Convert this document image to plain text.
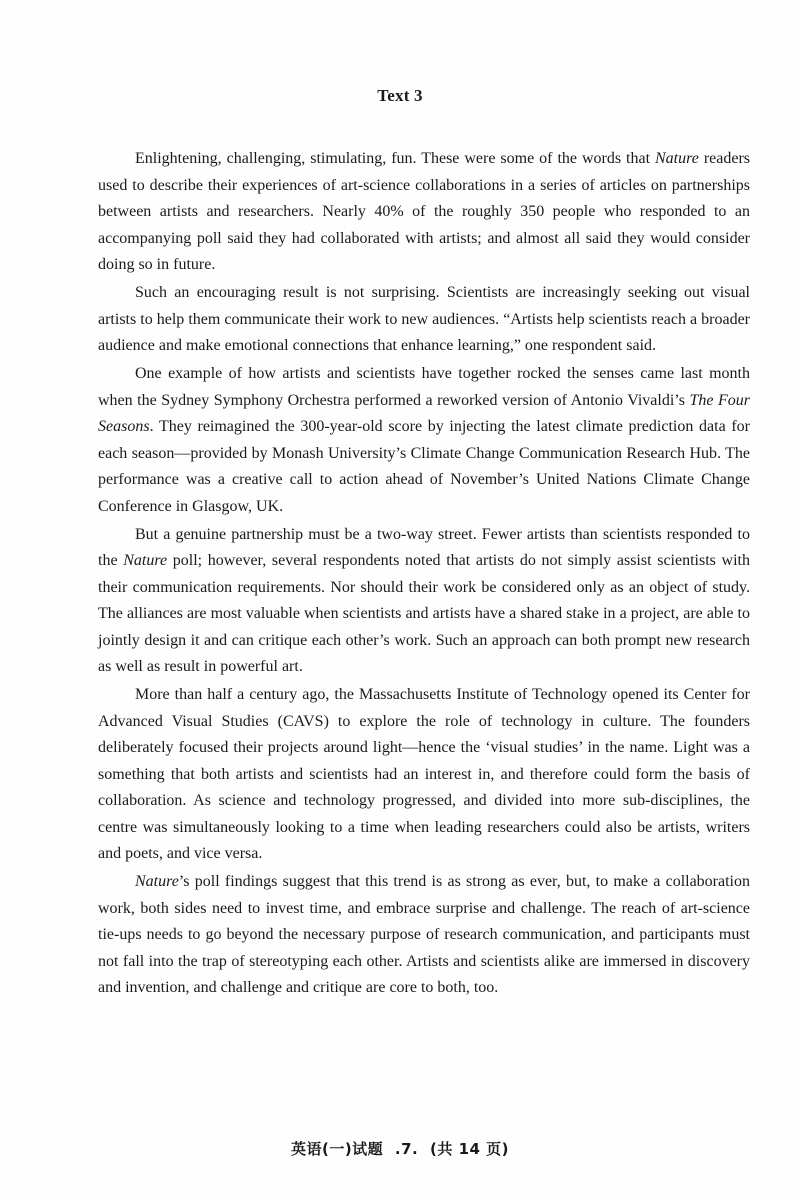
Text 3

Enlightening, challenging, stimulating, fun. These were some of the words that Nature readers used to describe their experiences of art-science collaborations in a series of articles on partnerships between artists and researchers. Nearly 40% of the roughly 350 people who responded to an accompanying poll said they had collaborated with artists; and almost all said they would consider doing so in future.

Such an encouraging result is not surprising. Scientists are increasingly seeking out visual artists to help them communicate their work to new audiences. “Artists help scientists reach a broader audience and make emotional connections that enhance learning,” one respondent said.

One example of how artists and scientists have together rocked the senses came last month when the Sydney Symphony Orchestra performed a reworked version of Antonio Vivaldi’s The Four Seasons. They reimagined the 300-year-old score by injecting the latest climate prediction data for each season—provided by Monash University’s Climate Change Communication Research Hub. The performance was a creative call to action ahead of November’s United Nations Climate Change Conference in Glasgow, UK.

But a genuine partnership must be a two-way street. Fewer artists than scientists responded to the Nature poll; however, several respondents noted that artists do not simply assist scientists with their communication requirements. Nor should their work be considered only as an object of study. The alliances are most valuable when scientists and artists have a shared stake in a project, are able to jointly design it and can critique each other’s work. Such an approach can both prompt new research as well as result in powerful art.

More than half a century ago, the Massachusetts Institute of Technology opened its Center for Advanced Visual Studies (CAVS) to explore the role of technology in culture. The founders deliberately focused their projects around light—hence the ‘visual studies’ in the name. Light was a something that both artists and scientists had an interest in, and therefore could form the basis of collaboration. As science and technology progressed, and divided into more sub-disciplines, the centre was simultaneously looking to a time when leading researchers could also be artists, writers and poets, and vice versa.

Nature’s poll findings suggest that this trend is as strong as ever, but, to make a collaboration work, both sides need to invest time, and embrace surprise and challenge. The reach of art-science tie-ups needs to go beyond the necessary purpose of research communication, and participants must not fall into the trap of stereotyping each other. Artists and scientists alike are immersed in discovery and invention, and challenge and critique are core to both, too.

英语(一)试题 .7. (共 14 页)
